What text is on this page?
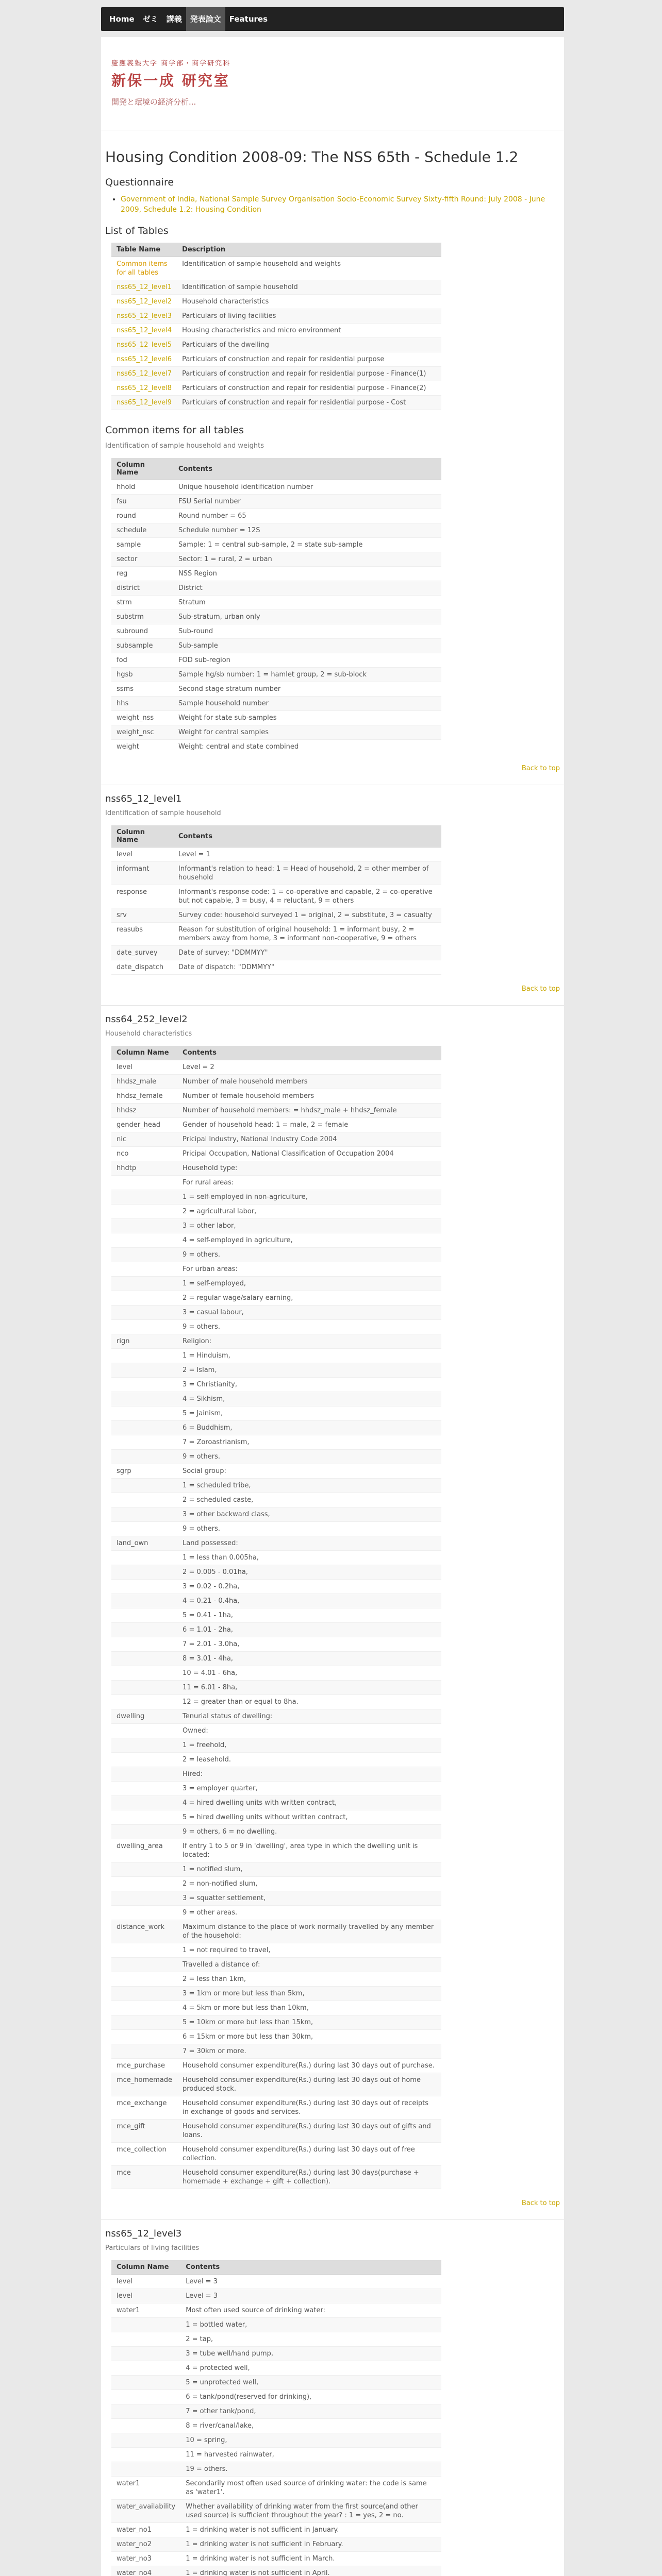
Home	ゼミ	講義	発表論文	Features
慶應義塾大学 商学部・商学研究科
新保一成 研究室
開発と環境の経済分析...
Housing Condition 2008-09: The NSS 65th - Schedule 1.2
Questionnaire
• Government of India, National Sample Survey Organisation Socio-Economic Survey Sixty-fifth Round: July 2008 - June 2009, Schedule 1.2: Housing Condition
List of Tables
Table Name	Description
Common items for all tables	Identification of sample household and weights
nss65_12_level1	Identification of sample household
nss65_12_level2	Household characteristics
nss65_12_level3	Particulars of living facilities
nss65_12_level4	Housing characteristics and micro environment
nss65_12_level5	Particulars of the dwelling
nss65_12_level6	Particulars of construction and repair for residential purpose
nss65_12_level7	Particulars of construction and repair for residential purpose - Finance(1)
nss65_12_level8	Particulars of construction and repair for residential purpose - Finance(2)
nss65_12_level9	Particulars of construction and repair for residential purpose - Cost
Common items for all tables

Identification of sample household and weights

Column Name	Contents
hhold	Unique household identification number
fsu	FSU Serial number
round	Round number = 65
schedule	Schedule number = 12S
sample	Sample: 1 = central sub-sample, 2 = state sub-sample
sector	Sector: 1 = rural, 2 = urban
reg	NSS Region
district	District
strm	Stratum
substrm	Sub-stratum, urban only
subround	Sub-round
subsample	Sub-sample
fod	FOD sub-region
hgsb	Sample hg/sb number: 1 = hamlet group, 2 = sub-block
ssms	Second stage stratum number
hhs	Sample household number
weight_nss	Weight for state sub-samples
weight_nsc	Weight for central samples
weight	Weight: central and state combined
Back to top
nss65_12_level1

Identification of sample household

Column Name	Contents
level	Level = 1
informant	Informant's relation to head: 1 = Head of household, 2 = other member of household
response	Informant's response code: 1 = co-operative and capable, 2 = co-operative but not capable, 3 = busy, 4 = reluctant, 9 = others
srv	Survey code: household surveyed 1 = original, 2 = substitute, 3 = casualty
reasubs	Reason for substitution of original household: 1 = informant busy, 2 = members away from home, 3 = informant non-cooperative, 9 = others
date_survey	Date of survey: "DDMMYY"
date_dispatch	Date of dispatch: "DDMMYY"
Back to top
nss64_252_level2

Household characteristics

Column Name	Contents
level	Level = 2
hhdsz_male	Number of male household members
hhdsz_female	Number of female household members
hhdsz	Number of household members: = hhdsz_male + hhdsz_female
gender_head	Gender of household head: 1 = male, 2 = female
nic	Pricipal Industry, National Industry Code 2004
nco	Pricipal Occupation, National Classification of Occupation 2004
hhdtp	Household type:
	For rural areas:
	1 = self-employed in non-agriculture,
	2 = agricultural labor,
	3 = other labor,
	4 = self-employed in agriculture,
	9 = others.
	For urban areas:
	1 = self-employed,
	2 = regular wage/salary earning,
	3 = casual labour,
	9 = others.
rign	Religion:
	1 = Hinduism,
	2 = Islam,
	3 = Christianity,
	4 = Sikhism,
	5 = Jainism,
	6 = Buddhism,
	7 = Zoroastrianism,
	9 = others.
sgrp	Social group:
	1 = scheduled tribe,
	2 = scheduled caste,
	3 = other backward class,
	9 = others.
land_own	Land possessed:
	1 = less than 0.005ha,
	2 = 0.005 - 0.01ha,
	3 = 0.02 - 0.2ha,
	4 = 0.21 - 0.4ha,
	5 = 0.41 - 1ha,
	6 = 1.01 - 2ha,
	7 = 2.01 - 3.0ha,
	8 = 3.01 - 4ha,
	10 = 4.01 - 6ha,
	11 = 6.01 - 8ha,
	12 = greater than or equal to 8ha.
dwelling	Tenurial status of dwelling:
	Owned:
	1 = freehold,
	2 = leasehold.
	Hired:
	3 = employer quarter,
	4 = hired dwelling units with written contract,
	5 = hired dwelling units without written contract,
	9 = others, 6 = no dwelling.
dwelling_area	If entry 1 to 5 or 9 in 'dwelling', area type in which the dwelling unit is located:
	1 = notified slum,
	2 = non-notified slum,
	3 = squatter settlement,
	9 = other areas.
distance_work	Maximum distance to the place of work normally travelled by any member of the household:
	1 = not required to travel,
	Travelled a distance of:
	2 = less than 1km,
	3 = 1km or more but less than 5km,
	4 = 5km or more but less than 10km,
	5 = 10km or more but less than 15km,
	6 = 15km or more but less than 30km,
	7 = 30km or more.
mce_purchase	Household consumer expenditure(Rs.) during last 30 days out of purchase.
mce_homemade	Household consumer expenditure(Rs.) during last 30 days out of home produced stock.
mce_exchange	Household consumer expenditure(Rs.) during last 30 days out of receipts in exchange of goods and services.
mce_gift	Household consumer expenditure(Rs.) during last 30 days out of gifts and loans.
mce_collection	Household consumer expenditure(Rs.) during last 30 days out of free collection.
mce	Household consumer expenditure(Rs.) during last 30 days(purchase + homemade + exchange + gift + collection).
Back to top
nss65_12_level3

Particulars of living facilities

Column Name	Contents
level	Level = 3
level	Level = 3
water1	Most often used source of drinking water:
	1 = bottled water,
	2 = tap,
	3 = tube well/hand pump,
	4 = protected well,
	5 = unprotected well,
	6 = tank/pond(reserved for drinking),
	7 = other tank/pond,
	8 = river/canal/lake,
	10 = spring,
	11 = harvested rainwater,
	19 = others.
water1	Secondarily most often used source of drinking water: the code is same as 'water1'.
water_availability	Whether availability of drinking water from the first source(and other used source) is sufficient throughout the year? : 1 = yes, 2 = no.
water_no1	1 = drinking water is not sufficient in January.
water_no2	1 = drinking water is not sufficient in February.
water_no3	1 = drinking water is not sufficient in March.
water_no4	1 = drinking water is not sufficient in April.
